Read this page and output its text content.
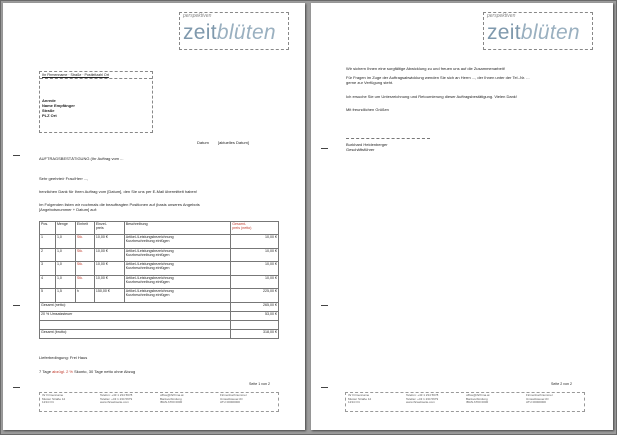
perspektiven
zeitblüten
Ihr Firmenname · Straße · Postleitzahl Ort
Anrede
Name Empfänger
Straße
PLZ Ort
Datum [aktuelles Datum]
AUFTRAGSBESTÄTIGUNG (Ihr Auftrag vom ...
Sehr geehrte/r Frau/Herr ...,
herzlichen Dank für Ihren Auftrag vom [Datum], den Sie uns per E-Mail übermittelt haben!
Im Folgenden listen wir nochmals die beauftragten Positionen auf (basis unseres Angebots
[Angebotsnummer + Datum] auf:
Pos.	Menge	Einheit	Einzel-
preis	Beschreibung	Gesamt-
preis (netto)
1	1,0	Stk.	10,00 €	Artikel-/Leistungsbezeichnung
Kurzbeschreibung einfügen	10,00 €
2	1,0	Stk.	10,00 €	Artikel-/Leistungsbezeichnung
Kurzbeschreibung einfügen	10,00 €
3	1,0	Stk.	10,00 €	Artikel-/Leistungsbezeichnung
Kurzbeschreibung einfügen	10,00 €
4	1,0	Stk.	10,00 €	Artikel-/Leistungsbezeichnung
Kurzbeschreibung einfügen	10,00 €
5	1,5	h	150,00 €	Artikel-/Leistungsbezeichnung
Kurzbeschreibung einfügen	225,00 €
Gesamt (netto):					265,00 €
20 % Umsatzsteuer					53,00 €

Gesamt (brutto):					318,00 €
Lieferbedingung: Frei Haus
7 Tage abzügl. 2 % Skonto, 30 Tage netto ohne Abzug
Seite 1 von 2
Ihr Firmenname
Muster Straße 12
1234 Ort
Telefon: +43 1 234 5678
Telefax: +43 1 234 5679
www.ihrwebseite.com
office@ihrfirma.at
Bankverbindung
IBAN AT00 0000
Firmenbuchnummer
Umsatzsteuer-ID
ATU 00000000
perspektiven
zeitblüten
Wir sichern Ihnen eine sorgfältige Abwicklung zu und freuen uns auf die Zusammenarbeit!
Für Fragen im Zuge der Auftragsabwicklung wenden Sie sich an Herrn ..., der Ihnen unter der Tel.-Nr. ...
gerne zur Verfügung steht.
Ich ersuche Sie um Unterzeichnung und Retournierung dieser Auftragsbestätigung. Vielen Dank!
Mit freundlichen Grüßen
Burkhard Heidenberger
Geschäftsführer
Seite 2 von 2
Ihr Firmenname
Muster Straße 12
1234 Ort
Telefon: +43 1 234 5678
Telefax: +43 1 234 5679
www.ihrwebseite.com
office@ihrfirma.at
Bankverbindung
IBAN AT00 0000
Firmenbuchnummer
Umsatzsteuer-ID
ATU 00000000
